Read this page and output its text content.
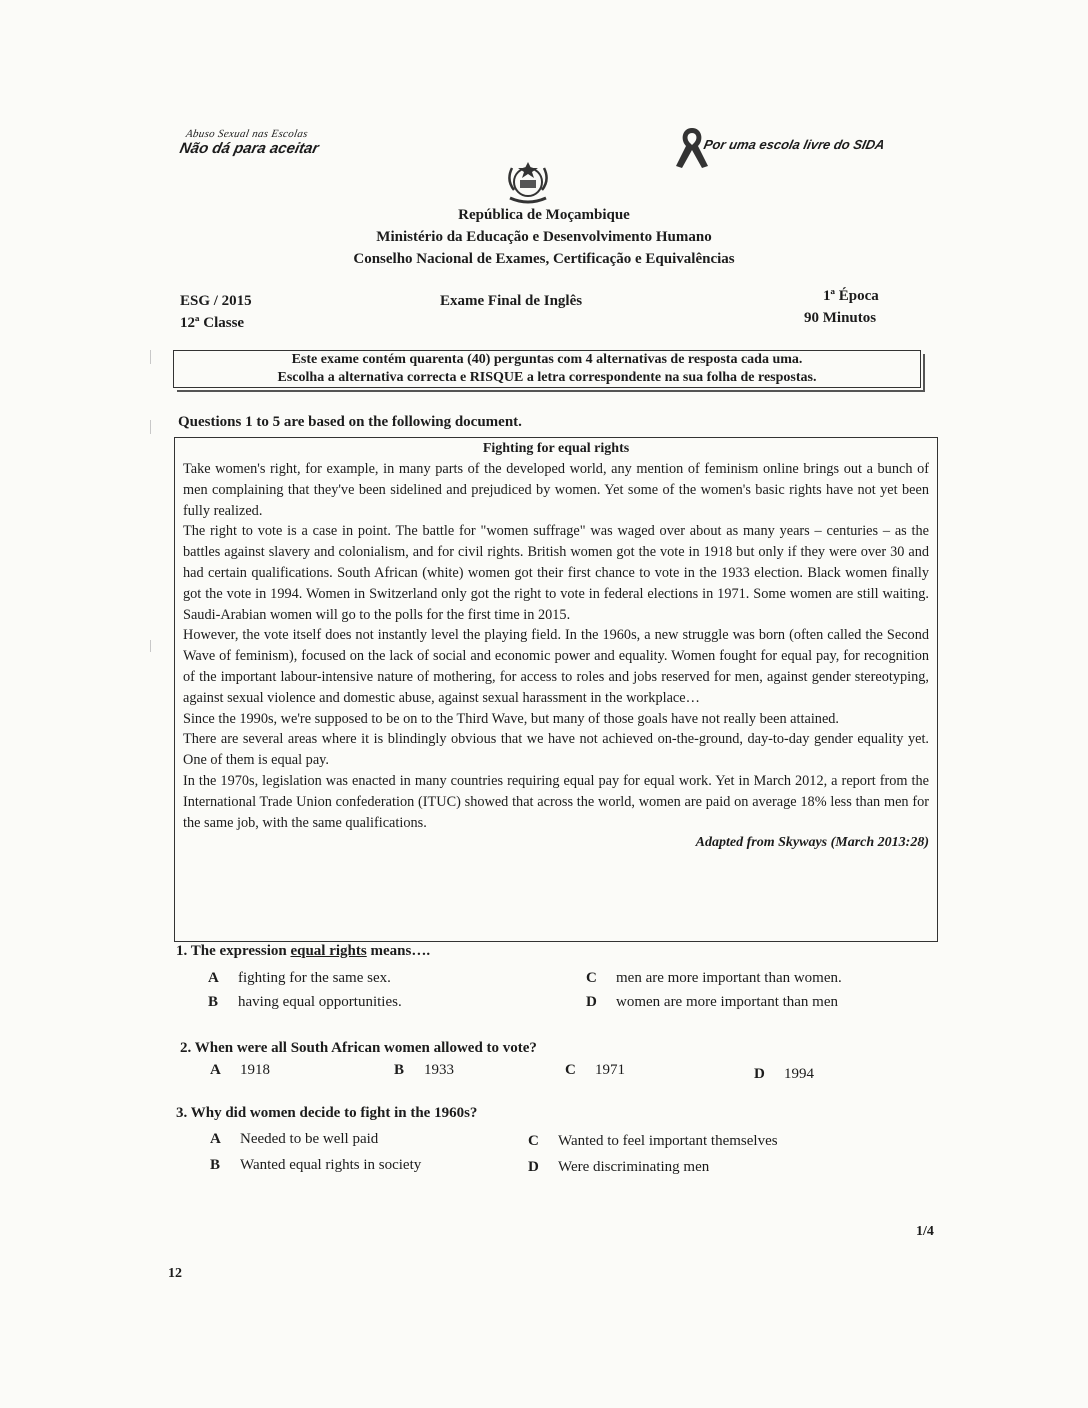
Abuso Sexual nas Escolas
Não dá para aceitar	Por uma escola livre do SIDA
República de Moçambique
Ministério da Educação e Desenvolvimento Humano
Conselho Nacional de Exames, Certificação e Equivalências
ESG / 2015
12ª Classe
Exame Final de Inglês	1ª Época
90 Minutos
Este exame contém quarenta (40) perguntas com 4 alternativas de resposta cada uma.
Escolha a alternativa correcta e RISQUE a letra correspondente na sua folha de respostas.
Questions 1 to 5 are based on the following document.
Fighting for equal rights

Take women's right, for example, in many parts of the developed world, any mention of feminism online brings out a bunch of men complaining that they've been sidelined and prejudiced by women. Yet some of the women's basic rights have not yet been fully realized.

The right to vote is a case in point. The battle for "women suffrage" was waged over about as many years – centuries – as the battles against slavery and colonialism, and for civil rights. British women got the vote in 1918 but only if they were over 30 and had certain qualifications. South African (white) women got their first chance to vote in the 1933 election. Black women finally got the vote in 1994. Women in Switzerland only got the right to vote in federal elections in 1971. Some women are still waiting. Saudi-Arabian women will go to the polls for the first time in 2015.

However, the vote itself does not instantly level the playing field. In the 1960s, a new struggle was born (often called the Second Wave of feminism), focused on the lack of social and economic power and equality. Women fought for equal pay, for recognition of the important labour-intensive nature of mothering, for access to roles and jobs reserved for men, against gender stereotyping, against sexual violence and domestic abuse, against sexual harassment in the workplace…

Since the 1990s, we're supposed to be on to the Third Wave, but many of those goals have not really been attained.

There are several areas where it is blindingly obvious that we have not achieved on-the-ground, day-to-day gender equality yet. One of them is equal pay.

In the 1970s, legislation was enacted in many countries requiring equal pay for equal work. Yet in March 2012, a report from the International Trade Union confederation (ITUC) showed that across the world, women are paid on average 18% less than men for the same job, with the same qualifications.

Adapted from Skyways (March 2013:28)
1. The expression equal rights means….
A fighting for the same sex.
B having equal opportunities.
C men are more important than women.
D women are more important than men
2. When were all South African women allowed to vote?
A 1918	B 1933	C 1971	D 1994
3. Why did women decide to fight in the 1960s?
A Needed to be well paid
B Wanted equal rights in society
C Wanted to feel important themselves
D Were discriminating men
1/4
12
